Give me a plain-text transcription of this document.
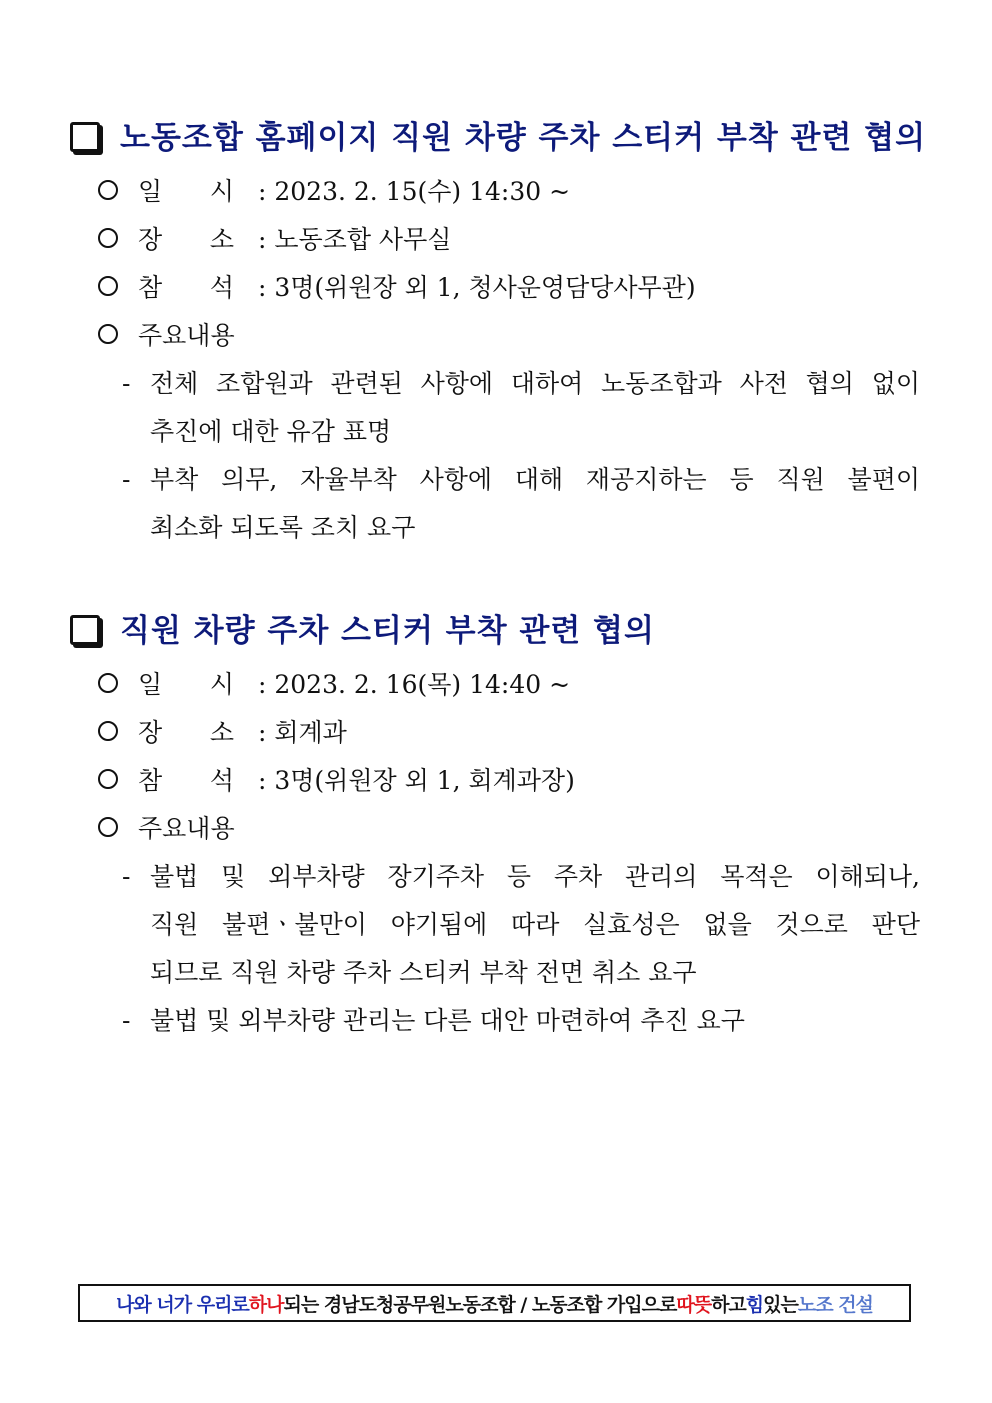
노동조합 홈페이지 직원 차량 주차 스티커 부착 관련 협의
일      시 : 2023. 2. 15(수) 14:30 ~
장      소 : 노동조합 사무실
참      석 : 3명(위원장 외 1, 청사운영담당사무관)
주요내용
- 전체 조합원과 관련된 사항에 대하여 노동조합과 사전 협의 없이
추진에 대한 유감 표명
- 부착 의무, 자율부착 사항에 대해 재공지하는 등 직원 불편이
최소화 되도록 조치 요구
직원 차량 주차 스티커 부착 관련 협의
일      시 : 2023. 2. 16(목) 14:40 ~
장      소 : 회계과
참      석 : 3명(위원장 외 1, 회계과장)
주요내용
- 불법 및 외부차량 장기주차 등 주차 관리의 목적은 이해되나,
직원 불편ㆍ불만이 야기됨에 따라 실효성은 없을 것으로 판단
되므로 직원 차량 주차 스티커 부착 전면 취소 요구
- 불법 및 외부차량 관리는 다른 대안 마련하여 추진 요구
나와 너가 우리로 하나 되는 경남도청공무원노동조합 / 노동조합 가입으로 따뜻 하고 힘 있는 노조 건설
